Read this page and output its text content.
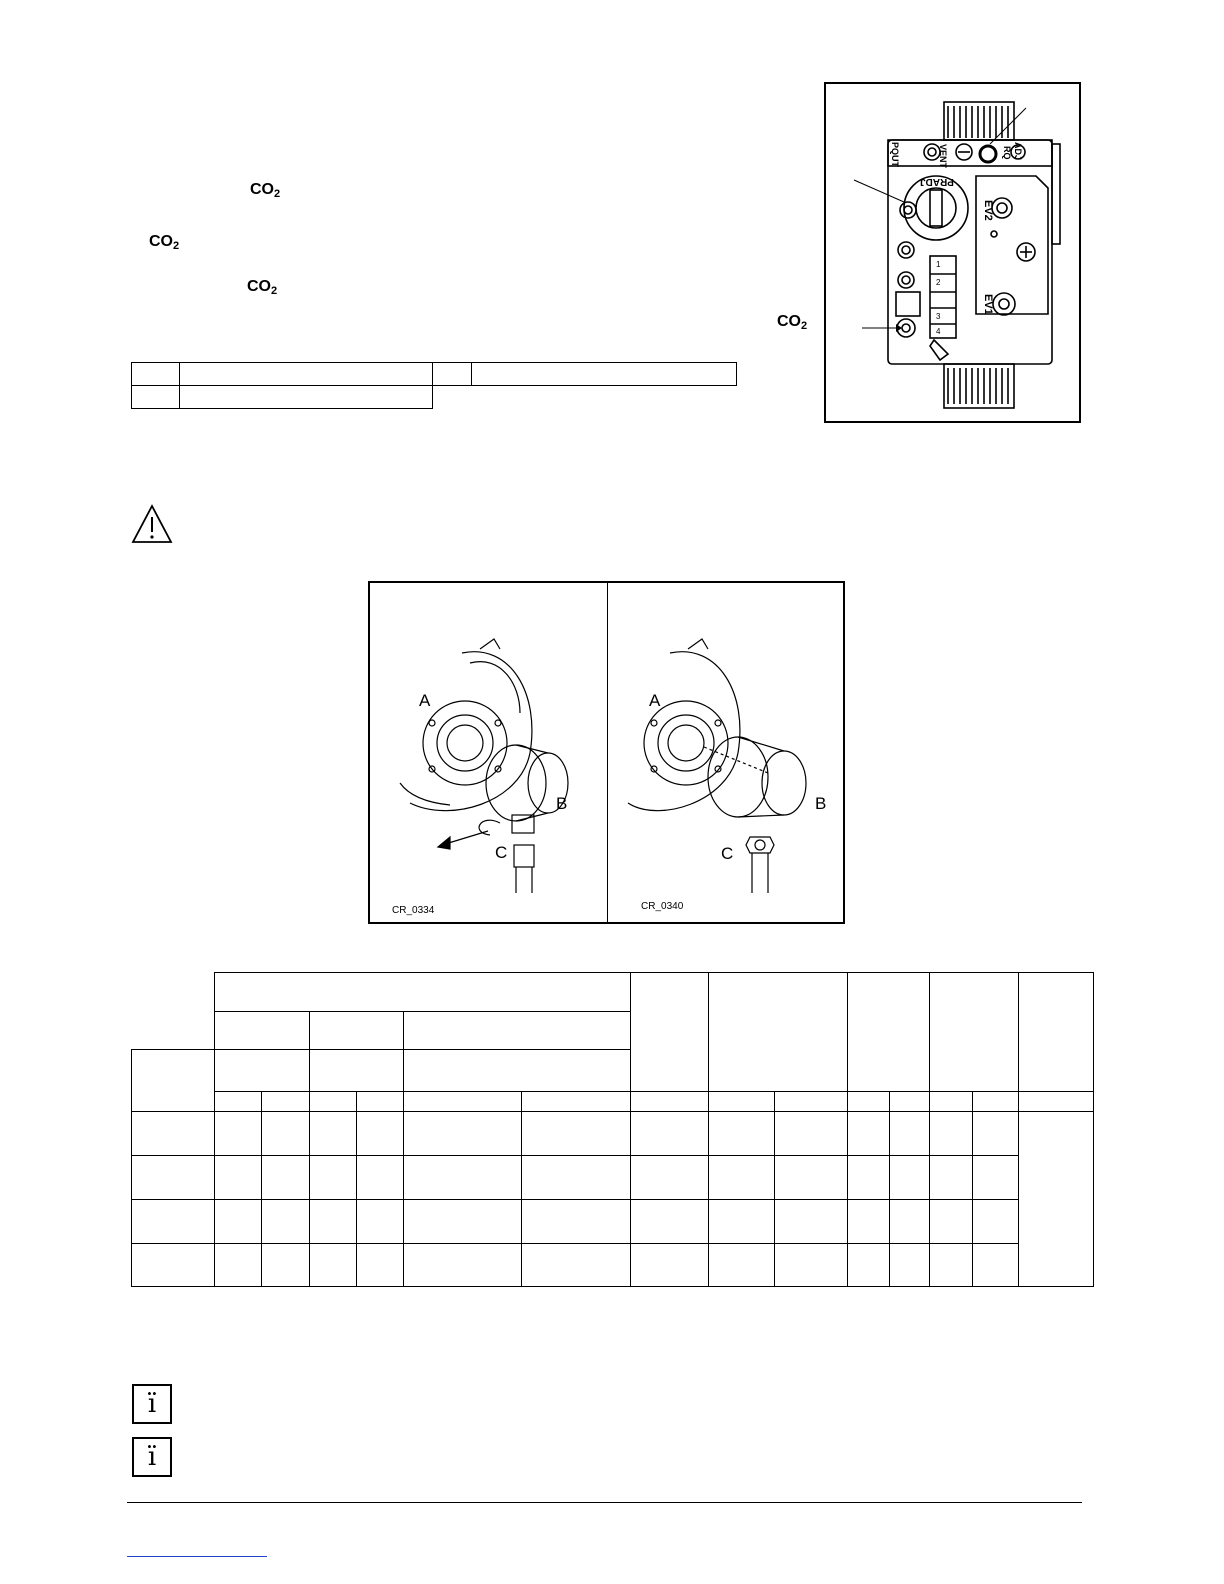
$CO_2$
$CO_2$
$CO_2$
$CO_2$

PQUT	VENT	RQ ADJ
PRADJ
EV2
EV1
1
2
3
4
A
B
C
CR_0334
A
B
C
CR_0340

ı̈
ı̈
